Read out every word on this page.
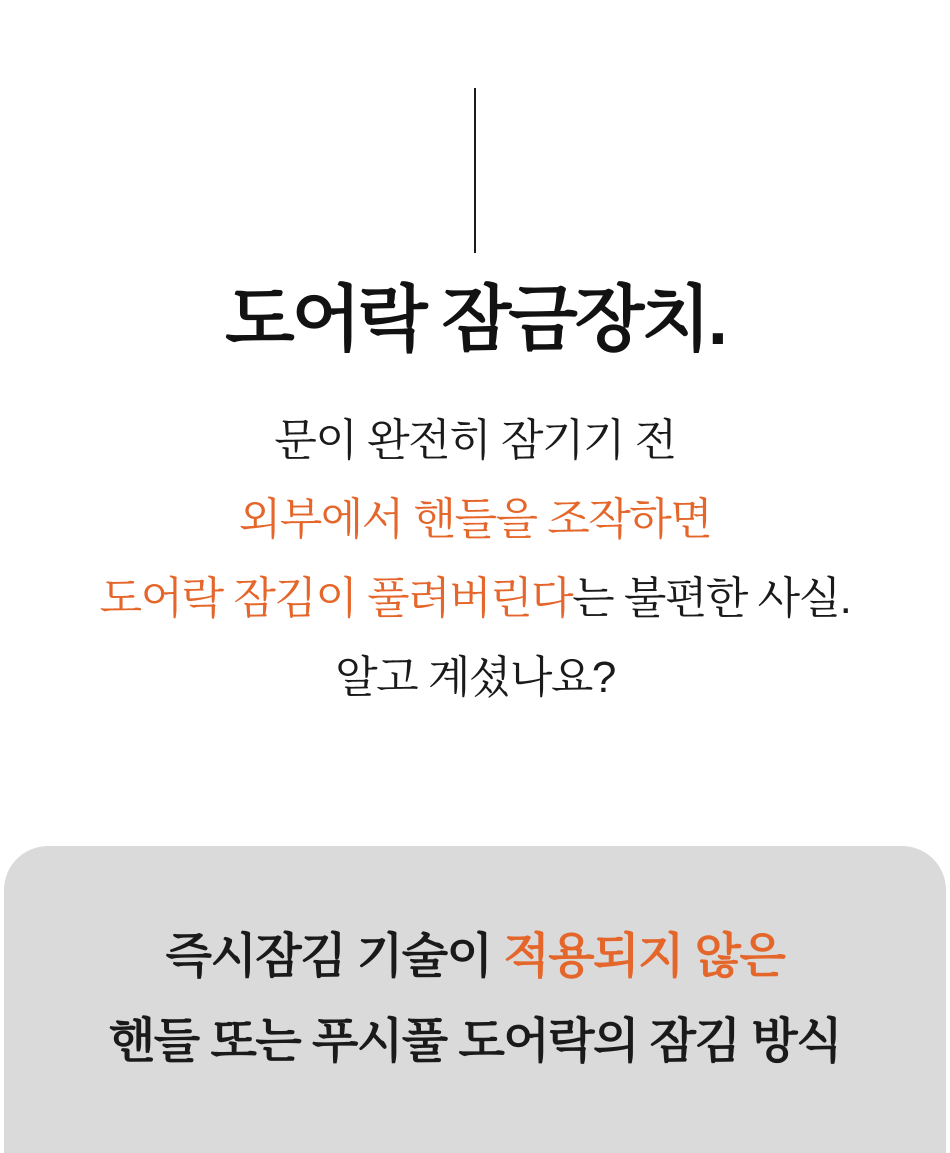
도어락 잠금장치.
문이 완전히 잠기기 전
외부에서 핸들을 조작하면
도어락 잠김이 풀려버린다는 불편한 사실.
알고 계셨나요?
즉시잠김 기술이 적용되지 않은
핸들 또는 푸시풀 도어락의 잠김 방식
